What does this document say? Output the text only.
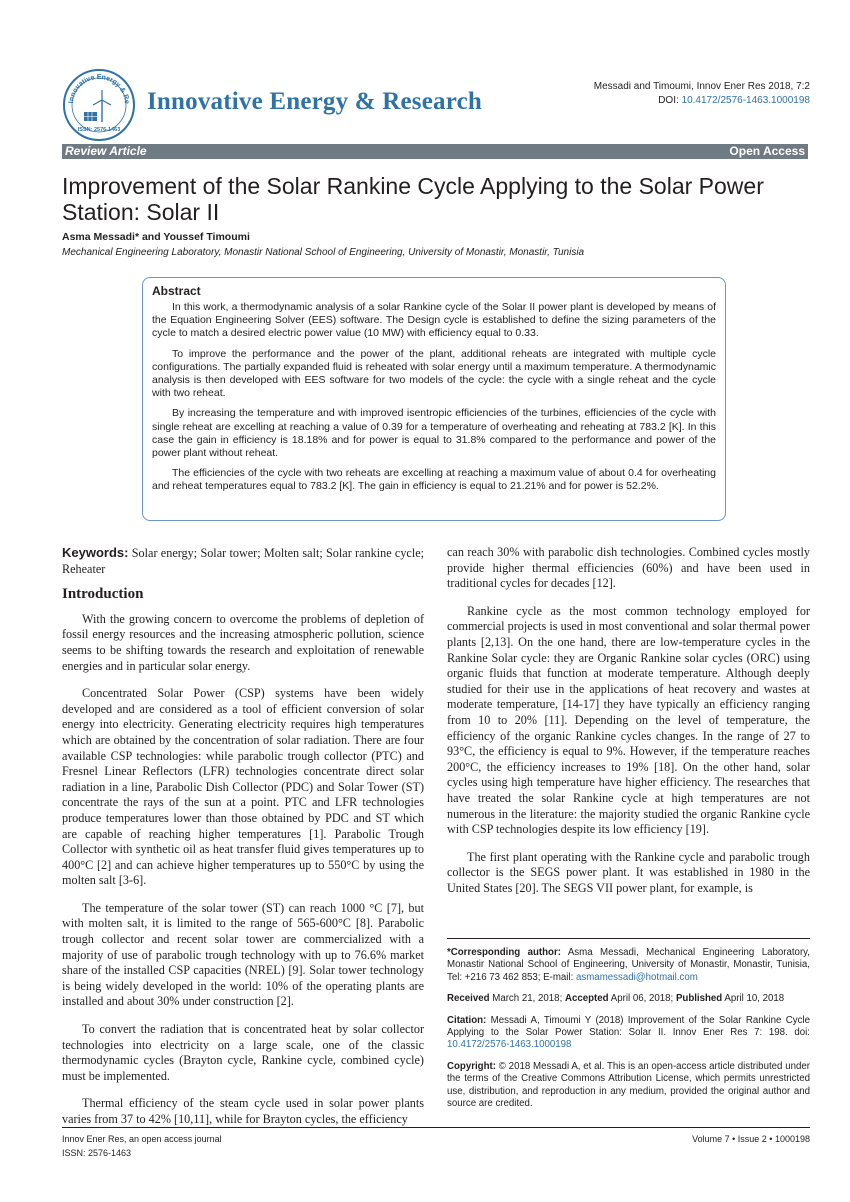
Innovative Energy & Re
ISSN: 2576-1463
Innovative Energy & Research
Messadi and Timoumi, Innov Ener Res 2018, 7:2
DOI: 10.4172/2576-1463.1000198
Review Article	Open Access
Improvement of the Solar Rankine Cycle Applying to the Solar Power Station: Solar II
Asma Messadi* and Youssef Timoumi
Mechanical Engineering Laboratory, Monastir National School of Engineering, University of Monastir, Monastir, Tunisia
Abstract

In this work, a thermodynamic analysis of a solar Rankine cycle of the Solar II power plant is developed by means of the Equation Engineering Solver (EES) software. The Design cycle is established to define the sizing parameters of the cycle to match a desired electric power value (10 MW) with efficiency equal to 0.33.

To improve the performance and the power of the plant, additional reheats are integrated with multiple cycle configurations. The partially expanded fluid is reheated with solar energy until a maximum temperature. A thermodynamic analysis is then developed with EES software for two models of the cycle: the cycle with a single reheat and the cycle with two reheat.

By increasing the temperature and with improved isentropic efficiencies of the turbines, efficiencies of the cycle with single reheat are excelling at reaching a value of 0.39 for a temperature of overheating and reheating at 783.2 [K]. In this case the gain in efficiency is 18.18% and for power is equal to 31.8% compared to the performance and power of the power plant without reheat.

The efficiencies of the cycle with two reheats are excelling at reaching a maximum value of about 0.4 for overheating and reheat temperatures equal to 783.2 [K]. The gain in efficiency is equal to 21.21% and for power is 52.2%.

Keywords: Solar energy; Solar tower; Molten salt; Solar rankine cycle; Reheater

Introduction

With the growing concern to overcome the problems of depletion of fossil energy resources and the increasing atmospheric pollution, science seems to be shifting towards the research and exploitation of renewable energies and in particular solar energy.

Concentrated Solar Power (CSP) systems have been widely developed and are considered as a tool of efficient conversion of solar energy into electricity. Generating electricity requires high temperatures which are obtained by the concentration of solar radiation. There are four available CSP technologies: while parabolic trough collector (PTC) and Fresnel Linear Reflectors (LFR) technologies concentrate direct solar radiation in a line, Parabolic Dish Collector (PDC) and Solar Tower (ST) concentrate the rays of the sun at a point. PTC and LFR technologies produce temperatures lower than those obtained by PDC and ST which are capable of reaching higher temperatures [1]. Parabolic Trough Collector with synthetic oil as heat transfer fluid gives temperatures up to 400°C [2] and can achieve higher temperatures up to 550°C by using the molten salt [3-6].

The temperature of the solar tower (ST) can reach 1000 °C [7], but with molten salt, it is limited to the range of 565-600°C [8]. Parabolic trough collector and recent solar tower are commercialized with a majority of use of parabolic trough technology with up to 76.6% market share of the installed CSP capacities (NREL) [9]. Solar tower technology is being widely developed in the world: 10% of the operating plants are installed and about 30% under construction [2].

To convert the radiation that is concentrated heat by solar collector technologies into electricity on a large scale, one of the classic thermodynamic cycles (Brayton cycle, Rankine cycle, combined cycle) must be implemented.

Thermal efficiency of the steam cycle used in solar power plants varies from 37 to 42% [10,11], while for Brayton cycles, the efficiency

can reach 30% with parabolic dish technologies. Combined cycles mostly provide higher thermal efficiencies (60%) and have been used in traditional cycles for decades [12].

Rankine cycle as the most common technology employed for commercial projects is used in most conventional and solar thermal power plants [2,13]. On the one hand, there are low-temperature cycles in the Rankine Solar cycle: they are Organic Rankine solar cycles (ORC) using organic fluids that function at moderate temperature. Although deeply studied for their use in the applications of heat recovery and wastes at moderate temperature, [14-17] they have typically an efficiency ranging from 10 to 20% [11]. Depending on the level of temperature, the efficiency of the organic Rankine cycles changes. In the range of 27 to 93°C, the efficiency is equal to 9%. However, if the temperature reaches 200°C, the efficiency increases to 19% [18]. On the other hand, solar cycles using high temperature have higher efficiency. The researches that have treated the solar Rankine cycle at high temperatures are not numerous in the literature: the majority studied the organic Rankine cycle with CSP technologies despite its low efficiency [19].

The first plant operating with the Rankine cycle and parabolic trough collector is the SEGS power plant. It was established in 1980 in the United States [20]. The SEGS VII power plant, for example, is

*Corresponding author: Asma Messadi, Mechanical Engineering Laboratory, Monastir National School of Engineering, University of Monastir, Monastir, Tunisia, Tel: +216 73 462 853; E-mail: asmamessadi@hotmail.com

Received March 21, 2018; Accepted April 06, 2018; Published April 10, 2018

Citation: Messadi A, Timoumi Y (2018) Improvement of the Solar Rankine Cycle Applying to the Solar Power Station: Solar II. Innov Ener Res 7: 198. doi: 10.4172/2576-1463.1000198

Copyright: © 2018 Messadi A, et al. This is an open-access article distributed under the terms of the Creative Commons Attribution License, which permits unrestricted use, distribution, and reproduction in any medium, provided the original author and source are credited.

Innov Ener Res, an open access journal
ISSN: 2576-1463
Volume 7 • Issue 2 • 1000198
